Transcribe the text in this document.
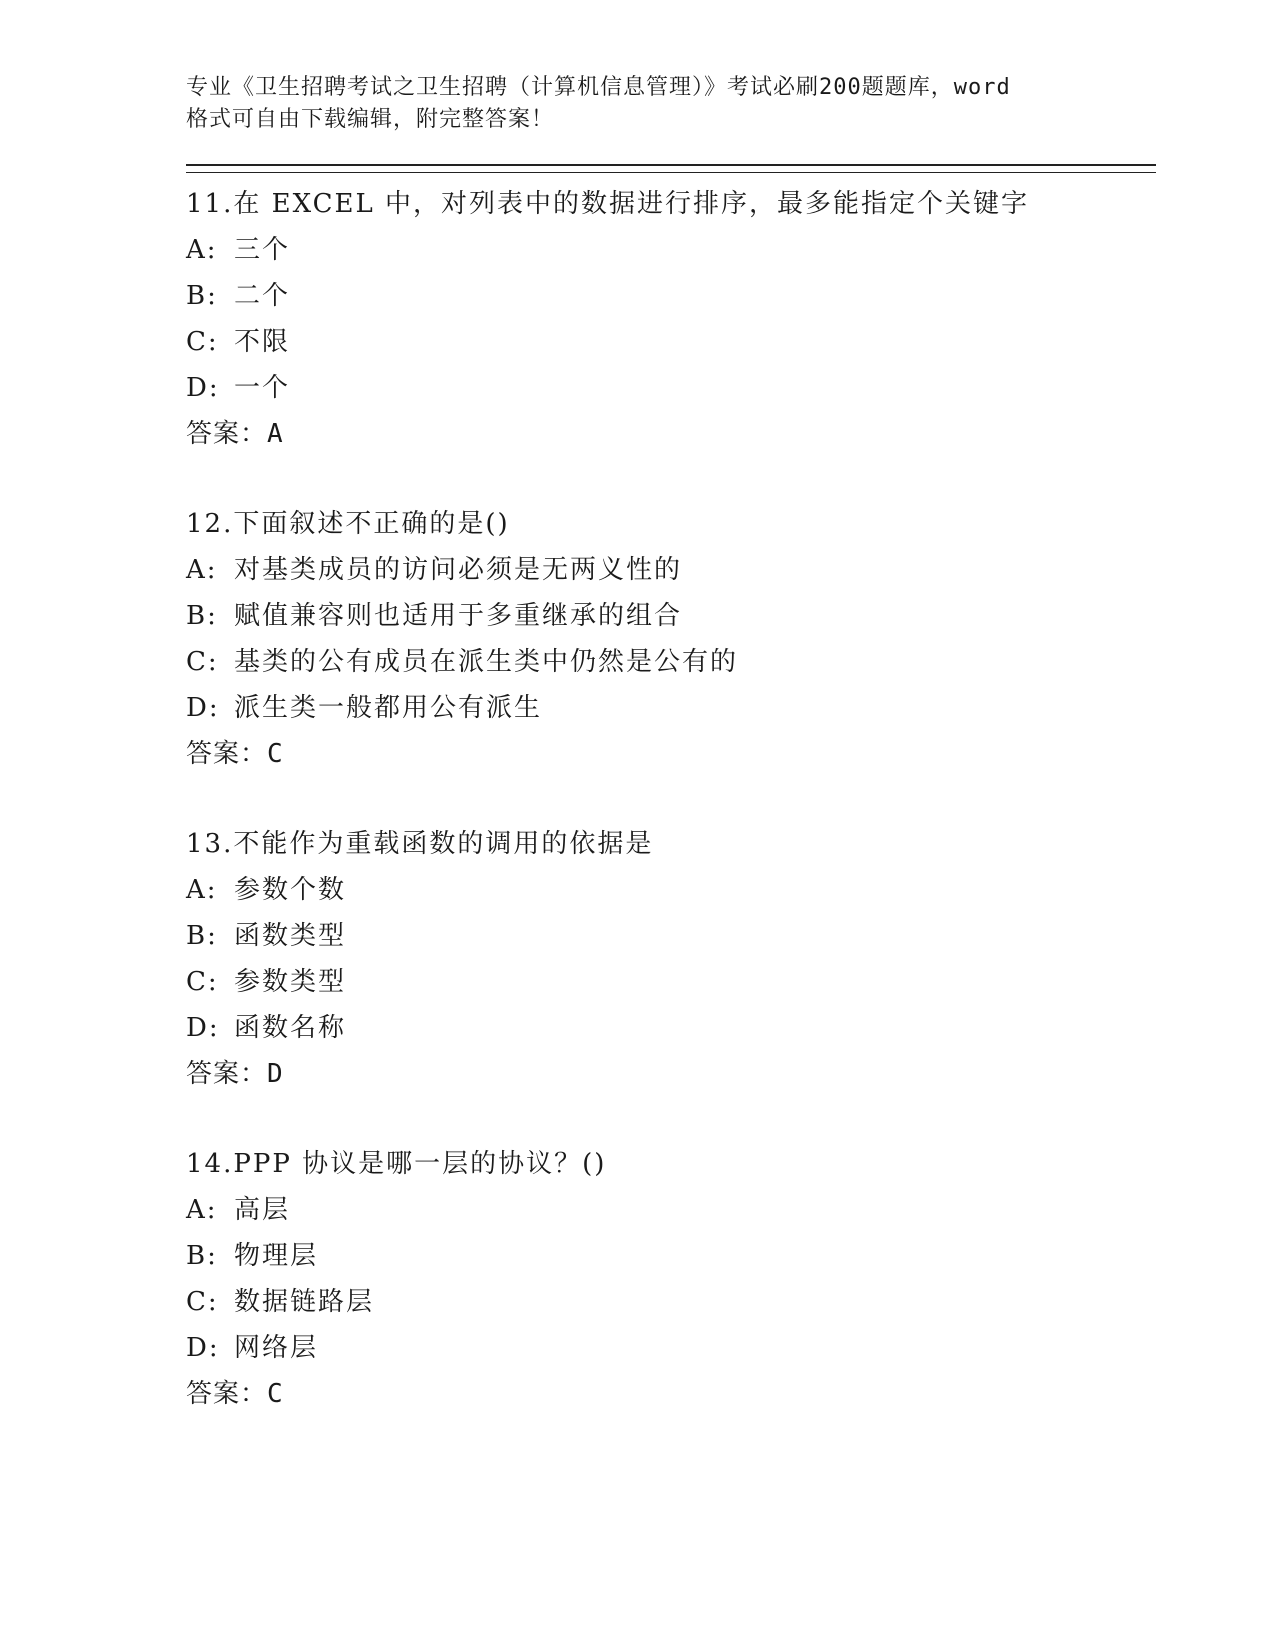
专业《卫生招聘考试之卫生招聘（计算机信息管理）》考试必刷200题题库，word
格式可自由下载编辑，附完整答案！
11.在 EXCEL 中，对列表中的数据进行排序，最多能指定个关键字
A: 三个
B: 二个
C: 不限
D: 一个
答案：A
12.下面叙述不正确的是()
A: 对基类成员的访问必须是无两义性的
B: 赋值兼容则也适用于多重继承的组合
C: 基类的公有成员在派生类中仍然是公有的
D: 派生类一般都用公有派生
答案：C
13.不能作为重载函数的调用的依据是
A: 参数个数
B: 函数类型
C: 参数类型
D: 函数名称
答案：D
14.PPP 协议是哪一层的协议？()
A: 高层
B: 物理层
C: 数据链路层
D: 网络层
答案：C
